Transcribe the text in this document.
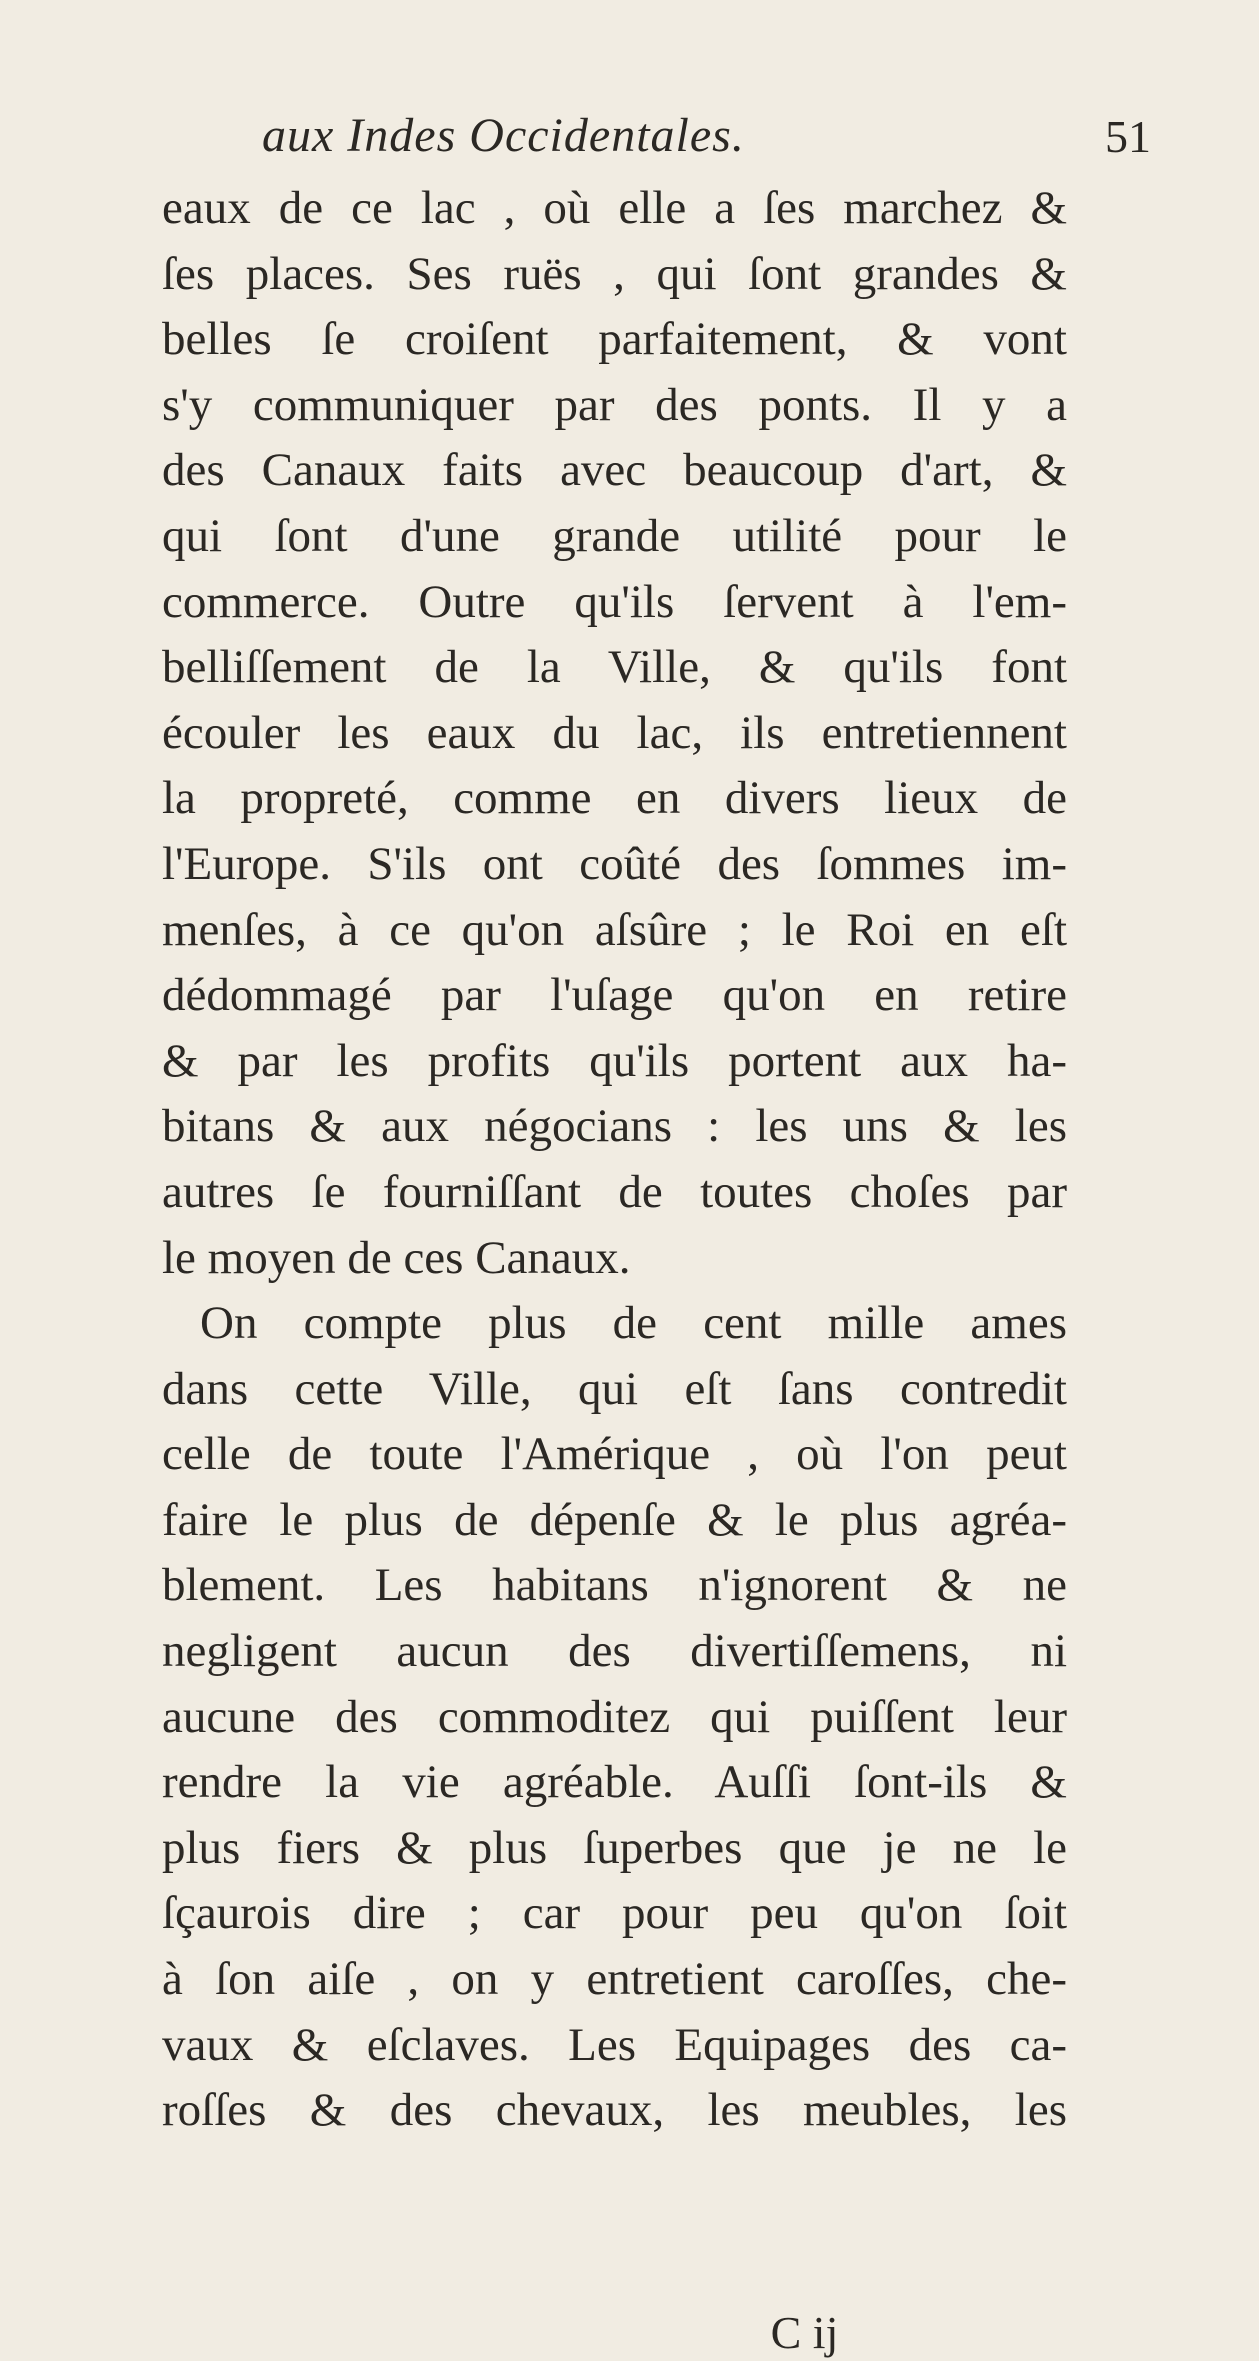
aux Indes Occidentales.	51
eaux de ce lac , où elle a ſes marchez &
ſes places. Ses ruës , qui ſont grandes &
belles ſe croiſent parfaitement, & vont
s'y communiquer par des ponts. Il y a
des Canaux faits avec beaucoup d'art, &
qui ſont d'une grande utilité pour le
commerce. Outre qu'ils ſervent à l'em-
belliſſement de la Ville, & qu'ils font
écouler les eaux du lac, ils entretiennent
la propreté, comme en divers lieux de
l'Europe. S'ils ont coûté des ſommes im-
menſes, à ce qu'on aſsûre ; le Roi en eſt
dédommagé par l'uſage qu'on en retire
& par les profits qu'ils portent aux ha-
bitans & aux négocians : les uns & les
autres ſe fourniſſant de toutes choſes par
le moyen de ces Canaux.
On compte plus de cent mille ames
dans cette Ville, qui eſt ſans contredit
celle de toute l'Amérique , où l'on peut
faire le plus de dépenſe & le plus agréa-
blement. Les habitans n'ignorent & ne
negligent aucun des divertiſſemens, ni
aucune des commoditez qui puiſſent leur
rendre la vie agréable. Auſſi ſont-ils &
plus fiers & plus ſuperbes que je ne le
ſçaurois dire ; car pour peu qu'on ſoit
à ſon aiſe , on y entretient caroſſes, che-
vaux & eſclaves. Les Equipages des ca-
roſſes & des chevaux, les meubles, les
C ij
